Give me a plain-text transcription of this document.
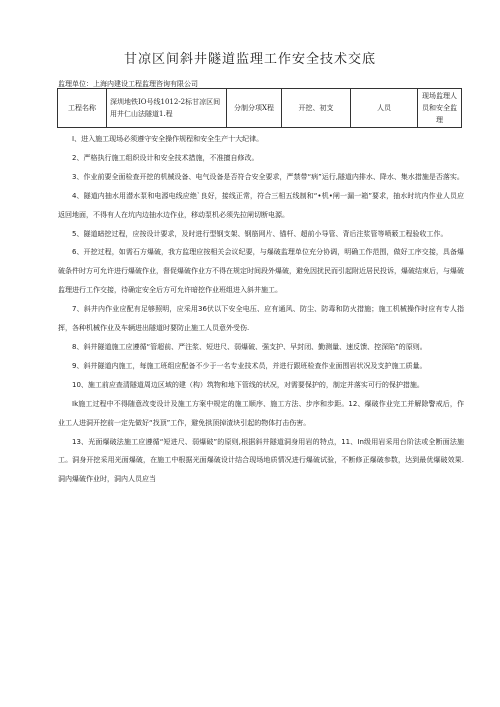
甘凉区间斜井隧道监理工作安全技术交底
监理单位：上海内建设工程监理咨询有限公司
工程名称	深圳地铁IO号线1012-2标甘凉区间用井仁山法隧道1.程	分制分项X程	开挖、初支	人员	现场监理人员和安全监理

I、进入施工现场必须遵守安全操作规程和安全生产十大纪律。

2、严格执行施工组织设计和安全技术措施，不准擅自修改。

3、作业前要全面检查开挖的机械设备、电气设备是否符合安全要求，严禁带“病”运行,隧道内排水、降水、集水措施是否落实。

4、隧道内抽水用潜水泵和电源电线应绝`良好，接线正常，符合三相五线制和“•机•闸一漏一箱”要求，抽水时坑内作业人员应返回地面，不得有人在坑内边抽水边作业，移动泵机必须先拉闸切断电源。

5、隧道暗挖过程，应按设计要求，及时进行型钢支架、钢筋网片、锚杆、超前小导管、背后注浆管等喷薮工程验收工作。

6、开挖过程，如需石方爆破，我方监理应按相关会议纪要，与爆破监理单位充分协调，明确工作范围，做好工序交接，具备爆破条件时方可允许进行爆破作业，督促爆破作业方不得在规定时间段外爆破，避免因扰民而引起附近居民投诉，爆破结束后，与爆破监理进行工作交接，待确定安全后方可允许暗挖作业班组进入斜井施工。

7、斜井内作业应配有足够照明，应采用36伏以下安全电压、应有通风、防尘、防毒和防火措施；施工机械操作时应有专人指挥，各种机械作业及车辆进出隧道时要防止施工人员意外受伤.

8、斜井隧道施工应遵循“管超前、严注浆、短进尺、弱爆破、强支护、早封闭、勤测量、速反馈、控深陷”的原则。

9、斜井隧道内施工，每施工班组应配备不少于一名专业技术员，并进行跟班检查作业面围岩状况及支护施工质量。

10、施工前应查清隧道周边区域的建（构）筑物和地下管线的状况，对需要保护的，制定并落实可行的保护措施。

Ik施工过程中不得随意改变设计及施工方案中规定的施工顺序、施工方法、步序和步距。12、爆破作业完工并解除警戒后，作业工人进洞开挖前一定先做好“找顶”工作，避免拱顶掉渣块引起的物体打击伤害。

13、光面爆破法施工应遵循“短进尺、弱爆破”的原则,根据斜井隧道洞身用岩的特点，11、In级用岩采用台阶法或全断面法施工。洞身开挖采用光面爆破，在施工中根据光面爆破设计结合现场地质情况进行爆破试验，不断修正爆破参数，达到最优爆破效果.洞内爆破作业时，洞内人员应当
